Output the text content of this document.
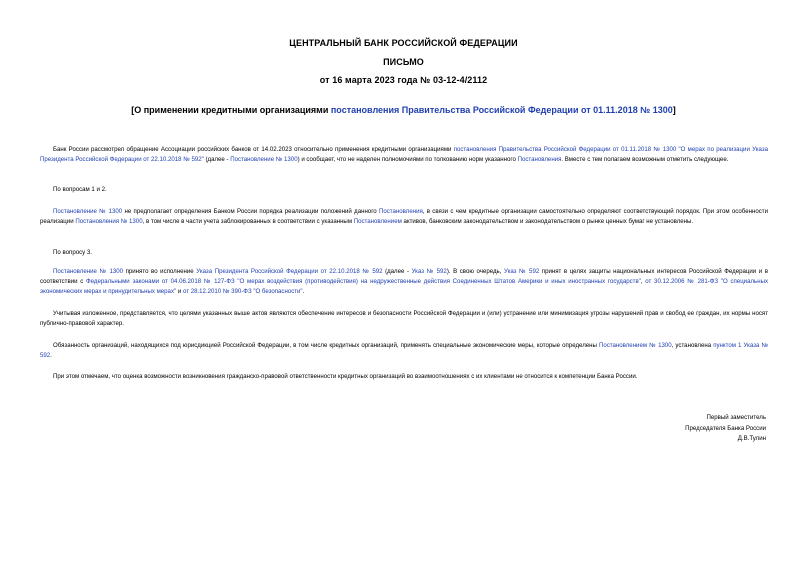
ЦЕНТРАЛЬНЫЙ БАНК РОССИЙСКОЙ ФЕДЕРАЦИИ
ПИСЬМО
от 16 марта 2023 года № 03-12-4/2112
[О применении кредитными организациями постановления Правительства Российской Федерации от 01.11.2018 № 1300]

Банк России рассмотрел обращение Ассоциации российских банков от 14.02.2023 относительно применения кредитными организациями постановления Правительства Российской Федерации от 01.11.2018 № 1300 "О мерах по реализации Указа Президента Российской Федерации от 22.10.2018 № 592" (далее - Постановление № 1300) и сообщает, что не наделен полномочиями по толкованию норм указанного Постановления. Вместе с тем полагаем возможным отметить следующее.

По вопросам 1 и 2.

Постановление № 1300 не предполагает определения Банком России порядка реализации положений данного Постановления, в связи с чем кредитные организации самостоятельно определяют соответствующий порядок. При этом особенности реализации Постановления № 1300, в том числе в части учета заблокированных в соответствии с указанным Постановлением активов, банковским законодательством и законодательством о рынке ценных бумаг не установлены.

По вопросу 3.

Постановление № 1300 принято во исполнение Указа Президента Российской Федерации от 22.10.2018 № 592 (далее - Указ № 592). В свою очередь, Указ № 592 принят в целях защиты национальных интересов Российской Федерации и в соответствии с Федеральными законами от 04.06.2018 № 127-ФЗ "О мерах воздействия (противодействия) на недружественные действия Соединенных Штатов Америки и иных иностранных государств", от 30.12.2006 № 281-ФЗ "О специальных экономических мерах и принудительных мерах" и от 28.12.2010 № 390-ФЗ "О безопасности".

Учитывая изложенное, представляется, что целями указанных выше актов являются обеспечение интересов и безопасности Российской Федерации и (или) устранение или минимизация угрозы нарушений прав и свобод ее граждан, их нормы носят публично-правовой характер.

Обязанность организаций, находящихся под юрисдикцией Российской Федерации, в том числе кредитных организаций, применять специальные экономические меры, которые определены Постановлением № 1300, установлена пунктом 1 Указа № 592.

При этом отмечаем, что оценка возможности возникновения гражданско-правовой ответственности кредитных организаций во взаимоотношениях с их клиентами не относится к компетенции Банка России.

Первый заместитель
Председателя Банка России
Д.В.Тулин
